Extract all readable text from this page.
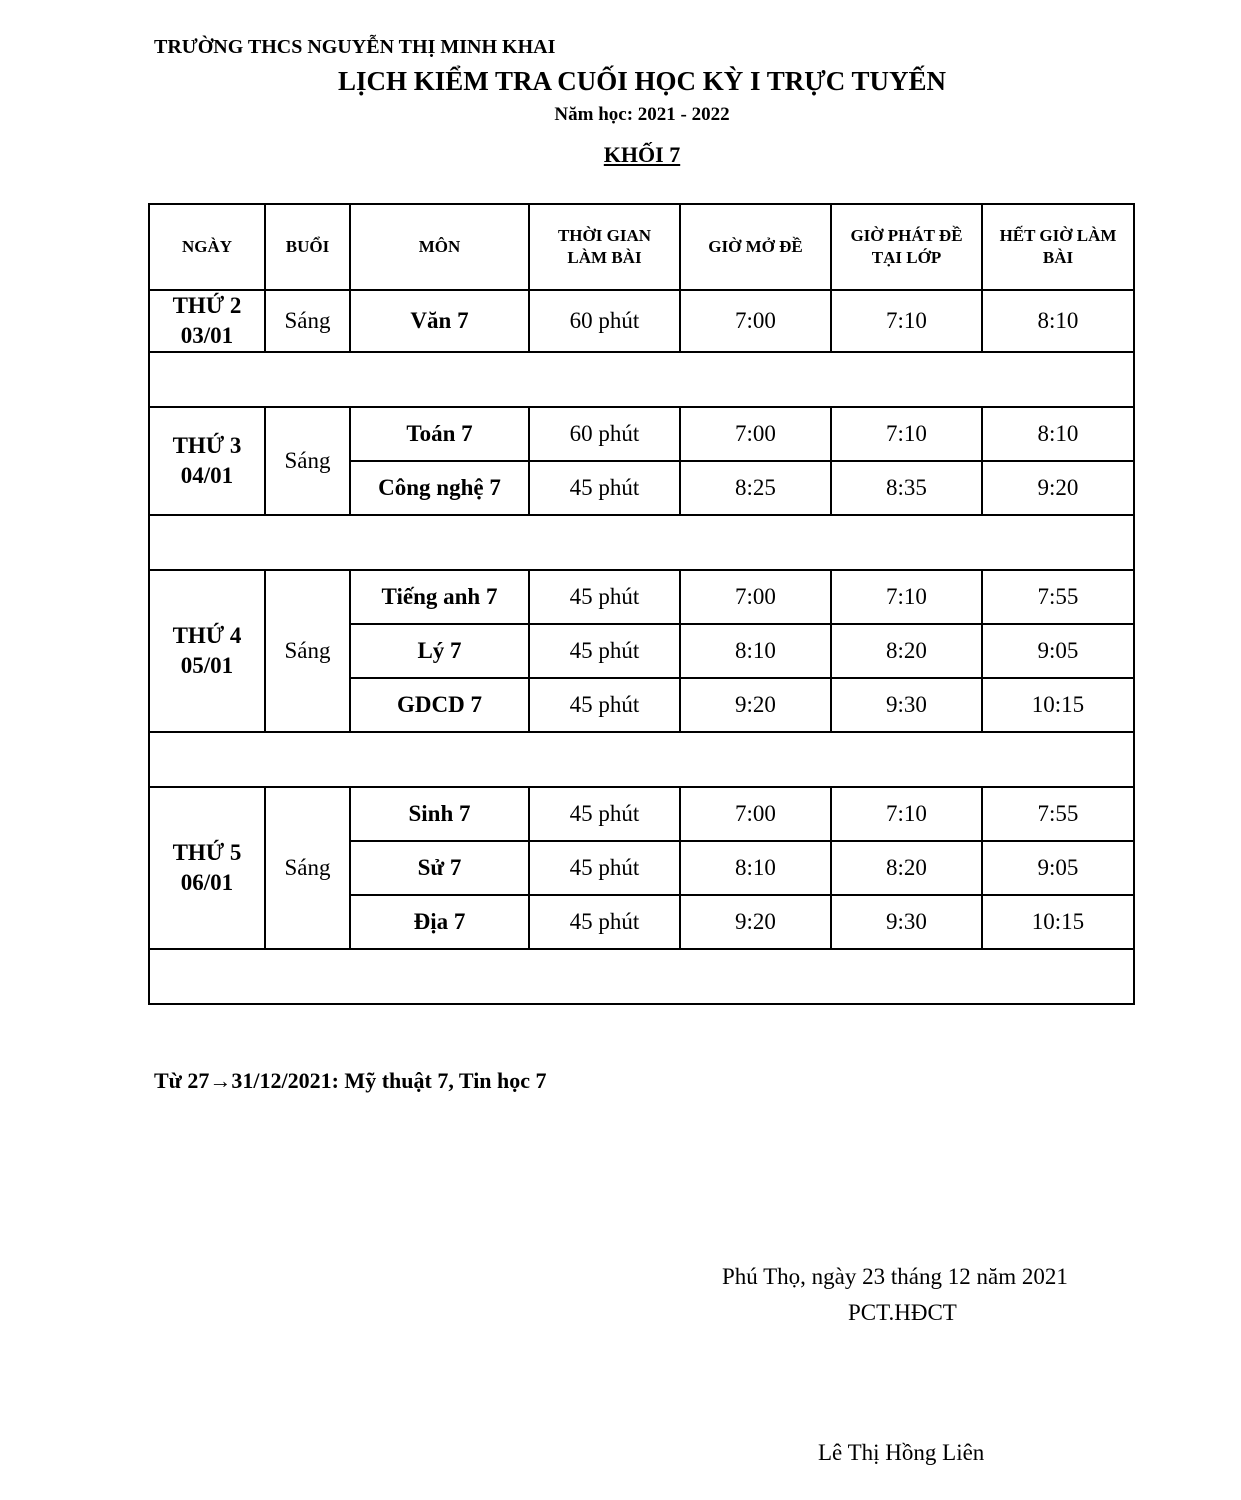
TRƯỜNG THCS NGUYỄN THỊ MINH KHAI
LỊCH KIỂM TRA CUỐI HỌC KỲ I TRỰC TUYẾN
Năm học: 2021 - 2022
KHỐI 7
NGÀY	BUỔI	MÔN	THỜI GIAN LÀM BÀI	GIỜ MỞ ĐỀ	GIỜ PHÁT ĐỀ TẠI LỚP	HẾT GIỜ LÀM BÀI
THỨ 2
03/01	Sáng	Văn 7	60 phút	7:00	7:10	8:10

THỨ 3
04/01	Sáng	Toán 7	60 phút	7:00	7:10	8:10
		Công nghệ 7	45 phút	8:25	8:35	9:20

THỨ 4
05/01	Sáng	Tiếng anh 7	45 phút	7:00	7:10	7:55
		Lý 7	45 phút	8:10	8:20	9:05
		GDCD 7	45 phút	9:20	9:30	10:15

THỨ 5
06/01	Sáng	Sinh 7	45 phút	7:00	7:10	7:55
		Sử 7	45 phút	8:10	8:20	9:05
		Địa 7	45 phút	9:20	9:30	10:15

Từ 27→31/12/2021: Mỹ thuật 7, Tin học 7
Phú Thọ, ngày 23 tháng 12 năm 2021
PCT.HĐCT
Lê Thị Hồng Liên
